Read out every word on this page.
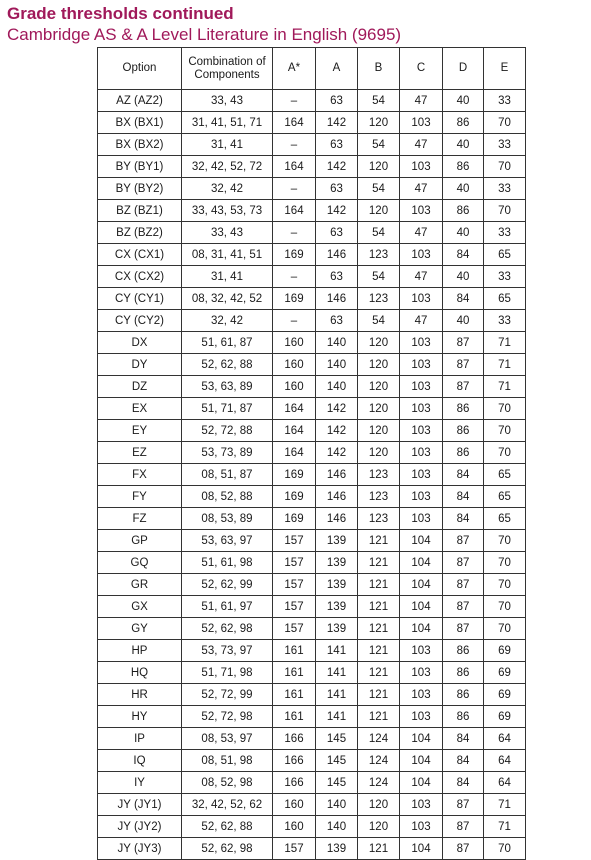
Grade thresholds continued
Cambridge AS & A Level Literature in English (9695)
Option	Combination of Components	A*	A	B	C	D	E
AZ (AZ2)	33, 43	–	63	54	47	40	33
BX (BX1)	31, 41, 51, 71	164	142	120	103	86	70
BX (BX2)	31, 41	–	63	54	47	40	33
BY (BY1)	32, 42, 52, 72	164	142	120	103	86	70
BY (BY2)	32, 42	–	63	54	47	40	33
BZ (BZ1)	33, 43, 53, 73	164	142	120	103	86	70
BZ (BZ2)	33, 43	–	63	54	47	40	33
CX (CX1)	08, 31, 41, 51	169	146	123	103	84	65
CX (CX2)	31, 41	–	63	54	47	40	33
CY (CY1)	08, 32, 42, 52	169	146	123	103	84	65
CY (CY2)	32, 42	–	63	54	47	40	33
DX	51, 61, 87	160	140	120	103	87	71
DY	52, 62, 88	160	140	120	103	87	71
DZ	53, 63, 89	160	140	120	103	87	71
EX	51, 71, 87	164	142	120	103	86	70
EY	52, 72, 88	164	142	120	103	86	70
EZ	53, 73, 89	164	142	120	103	86	70
FX	08, 51, 87	169	146	123	103	84	65
FY	08, 52, 88	169	146	123	103	84	65
FZ	08, 53, 89	169	146	123	103	84	65
GP	53, 63, 97	157	139	121	104	87	70
GQ	51, 61, 98	157	139	121	104	87	70
GR	52, 62, 99	157	139	121	104	87	70
GX	51, 61, 97	157	139	121	104	87	70
GY	52, 62, 98	157	139	121	104	87	70
HP	53, 73, 97	161	141	121	103	86	69
HQ	51, 71, 98	161	141	121	103	86	69
HR	52, 72, 99	161	141	121	103	86	69
HY	52, 72, 98	161	141	121	103	86	69
IP	08, 53, 97	166	145	124	104	84	64
IQ	08, 51, 98	166	145	124	104	84	64
IY	08, 52, 98	166	145	124	104	84	64
JY (JY1)	32, 42, 52, 62	160	140	120	103	87	71
JY (JY2)	52, 62, 88	160	140	120	103	87	71
JY (JY3)	52, 62, 98	157	139	121	104	87	70
